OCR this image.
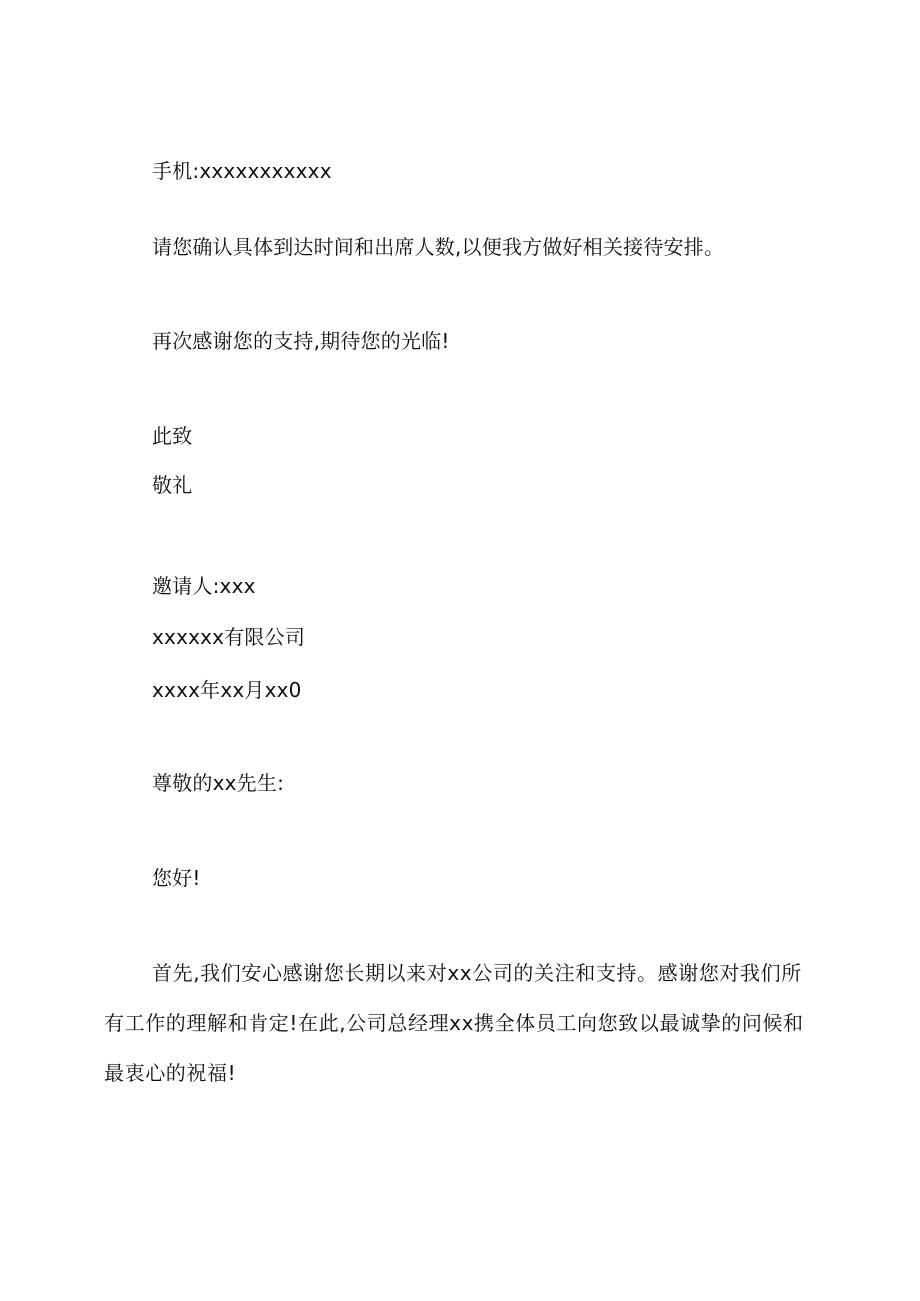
手机:xxxxxxxxxxx
请您确认具体到达时间和出席人数,以便我方做好相关接待安排。
再次感谢您的支持,期待您的光临!
此致
敬礼
邀请人:xxx
xxxxxx有限公司
xxxx年xx月xx0
尊敬的xx先生:
您好!
首先,我们安心感谢您长期以来对xx公司的关注和支持。感谢您对我们所有工作的理解和肯定!在此,公司总经理xx携全体员工向您致以最诚挚的问候和最衷心的祝福!
